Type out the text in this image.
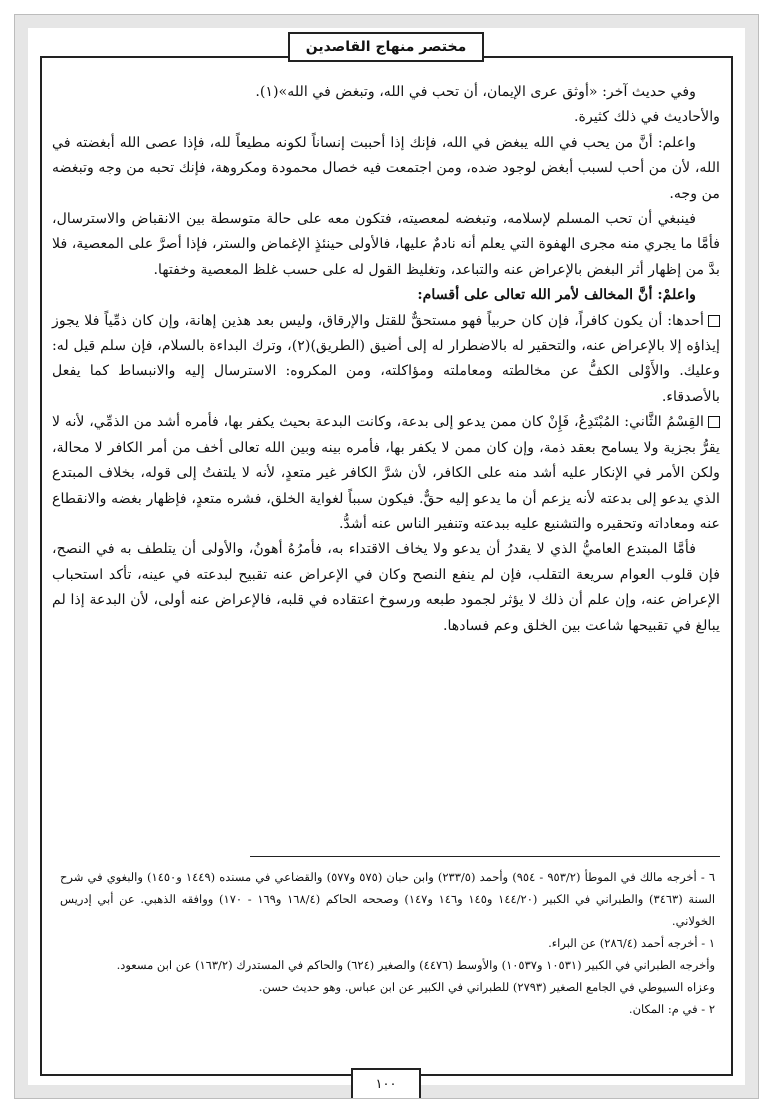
مختصر منهاج القاصدين

وفي حديث آخر: «أوثق عرى الإيمان، أن تحب في الله، وتبغض في الله»(١).

والأحاديث في ذلك كثيرة.

واعلم: أنَّ من يحب في الله يبغض في الله، فإنك إذا أحببت إنساناً لكونه مطيعاً لله، فإذا عصى الله أبغضته في الله، لأن من أحب لسبب أبغض لوجود ضده، ومن اجتمعت فيه خصال محمودة ومكروهة، فإنك تحبه من وجه وتبغضه من وجه.

فينبغي أن تحب المسلم لإسلامه، وتبغضه لمعصيته، فتكون معه على حالة متوسطة بين الانقباض والاسترسال، فأمَّا ما يجري منه مجرى الهفوة التي يعلم أنه نادمٌ عليها، فالأولى حينئذٍ الإغماض والستر، فإذا أصرَّ على المعصية، فلا بدَّ من إظهار أثر البغض بالإعراض عنه والتباعد، وتغليظ القول له على حسب غلظ المعصية وخفتها.

واعلمْ: أنَّ المخالف لأمر الله تعالى على أقسام:

أحدها: أن يكون كافراً، فإن كان حربياً فهو مستحقٌّ للقتل والإرقاق، وليس بعد هذين إهانة، وإن كان ذمِّياً فلا يجوز إيذاؤه إلا بالإعراض عنه، والتحقير له بالاضطرار له إلى أضيق (الطريق)(٢)، وترك البداءة بالسلام، فإن سلم قيل له: وعليك. والأَوْلى الكفُّ عن مخالطته ومعاملته ومؤاكلته، ومن المكروه: الاسترسال إليه والانبساط كما يفعل بالأصدقاء.

القِسْمُ الثَّاني: المُبْتَدِعُ، فَإِنْ كان ممن يدعو إلى بدعة، وكانت البدعة بحيث يكفر بها، فأمره أشد من الذمِّي، لأنه لا يقرُّ بجزية ولا يسامح بعقد ذمة، وإن كان ممن لا يكفر بها، فأمره بينه وبين الله تعالى أخف من أمر الكافر لا محالة، ولكن الأمر في الإنكار عليه أشد منه على الكافر، لأن شرَّ الكافر غير متعدٍ، لأنه لا يلتفتُ إلى قوله، بخلاف المبتدع الذي يدعو إلى بدعته لأنه يزعم أن ما يدعو إليه حقٌّ. فيكون سبباً لغواية الخلق، فشره متعدٍ، فإظهار بغضه والانقطاع عنه ومعاداته وتحقيره والتشنيع عليه ببدعته وتنفير الناس عنه أشدُّ.

فأمَّا المبتدع العاميُّ الذي لا يقدرُ أن يدعو ولا يخاف الاقتداء به، فأمرُهُ أهونُ، والأولى أن يتلطف به في النصح، فإن قلوب العوام سريعة التقلب، فإن لم ينفع النصح وكان في الإعراض عنه تقبيح لبدعته في عينه، تأكد استحباب الإعراض عنه، وإن علم أن ذلك لا يؤثر لجمود طبعه ورسوخ اعتقاده في قلبه، فالإعراض عنه أولى، لأن البدعة إذا لم يبالغ في تقبيحها شاعت بين الخلق وعم فسادها.

٦ - أخرجه مالك في الموطأ (٩٥٣/٢ - ٩٥٤) وأحمد (٢٣٣/٥) وابن حبان (٥٧٥ و٥٧٧) والقضاعي في مسنده (١٤٤٩ و١٤٥٠) والبغوي في شرح السنة (٣٤٦٣) والطبراني في الكبير (١٤٤/٢٠ و١٤٥ و١٤٦ و١٤٧) وصححه الحاكم (١٦٨/٤ و١٦٩ - ١٧٠) ووافقه الذهبي. عن أبي إدريس الخولاني.

١ - أخرجه أحمد (٢٨٦/٤) عن البراء.

وأخرجه الطبراني في الكبير (١٠٥٣١ و١٠٥٣٧) والأوسط (٤٤٧٦) والصغير (٦٢٤) والحاكم في المستدرك (١٦٣/٢) عن ابن مسعود.

وعزاه السيوطي في الجامع الصغير (٢٧٩٣) للطبراني في الكبير عن ابن عباس. وهو حديث حسن.

٢ - في م: المكان.

١٠٠
